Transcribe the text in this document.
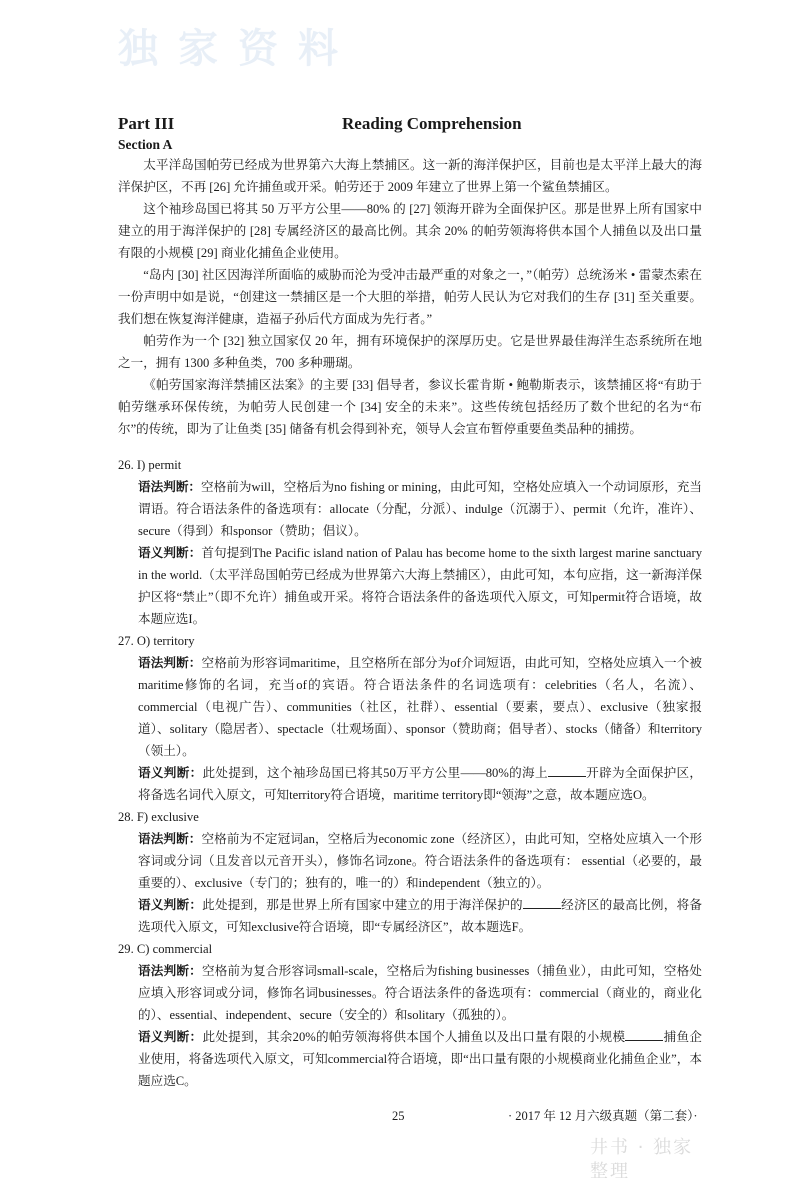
独家资料
Part III	Reading Comprehension
Section A

太平洋岛国帕劳已经成为世界第六大海上禁捕区。这一新的海洋保护区，目前也是太平洋上最大的海洋保护区，不再 [26] 允许捕鱼或开采。帕劳还于 2009 年建立了世界上第一个鲨鱼禁捕区。

这个袖珍岛国已将其 50 万平方公里——80% 的 [27] 领海开辟为全面保护区。那是世界上所有国家中建立的用于海洋保护的 [28] 专属经济区的最高比例。其余 20% 的帕劳领海将供本国个人捕鱼以及出口量有限的小规模 [29] 商业化捕鱼企业使用。

“岛内 [30] 社区因海洋所面临的威胁而沦为受冲击最严重的对象之一，”（帕劳）总统汤米 • 雷蒙杰索在一份声明中如是说，“创建这一禁捕区是一个大胆的举措，帕劳人民认为它对我们的生存 [31] 至关重要。我们想在恢复海洋健康，造福子孙后代方面成为先行者。”

帕劳作为一个 [32] 独立国家仅 20 年，拥有环境保护的深厚历史。它是世界最佳海洋生态系统所在地之一，拥有 1300 多种鱼类，700 多种珊瑚。

《帕劳国家海洋禁捕区法案》的主要 [33] 倡导者，参议长霍肯斯 • 鲍勒斯表示，该禁捕区将“有助于帕劳继承环保传统，为帕劳人民创建一个 [34] 安全的未来”。这些传统包括经历了数个世纪的名为“布尔”的传统，即为了让鱼类 [35] 储备有机会得到补充，领导人会宣布暂停重要鱼类品种的捕捞。

26. I) permit

语法判断：空格前为will，空格后为no fishing or mining，由此可知，空格处应填入一个动词原形，充当谓语。符合语法条件的备选项有：allocate（分配，分派）、indulge（沉溺于）、permit（允许，准许）、secure（得到）和sponsor（赞助；倡议）。

语义判断：首句提到The Pacific island nation of Palau has become home to the sixth largest marine sanctuary in the world.（太平洋岛国帕劳已经成为世界第六大海上禁捕区），由此可知，本句应指，这一新海洋保护区将“禁止”（即不允许）捕鱼或开采。将符合语法条件的备选项代入原文，可知permit符合语境，故本题应选I。

27. O) territory

语法判断：空格前为形容词maritime，且空格所在部分为of介词短语，由此可知，空格处应填入一个被maritime修饰的名词，充当of的宾语。符合语法条件的名词选项有：celebrities（名人，名流）、commercial（电视广告）、communities（社区，社群）、essential（要素，要点）、exclusive（独家报道）、solitary（隐居者）、spectacle（壮观场面）、sponsor（赞助商；倡导者）、stocks（储备）和territory（领土）。

语义判断：此处提到，这个袖珍岛国已将其50万平方公里——80%的海上	开辟为全面保护区，将备选名词代入原文，可知territory符合语境，maritime territory即“领海”之意，故本题应选O。

28. F) exclusive

语法判断：空格前为不定冠词an，空格后为economic zone（经济区），由此可知，空格处应填入一个形容词或分词（且发音以元音开头），修饰名词zone。符合语法条件的备选项有： essential（必要的，最重要的）、exclusive（专门的；独有的，唯一的）和independent（独立的）。

语义判断：此处提到，那是世界上所有国家中建立的用于海洋保护的	经济区的最高比例，将备选项代入原文，可知exclusive符合语境，即“专属经济区”，故本题选F。

29. C) commercial

语法判断：空格前为复合形容词small-scale，空格后为fishing businesses（捕鱼业），由此可知，空格处应填入形容词或分词，修饰名词businesses。符合语法条件的备选项有：commercial（商业的，商业化的）、essential、independent、secure（安全的）和solitary（孤独的）。

语义判断：此处提到，其余20%的帕劳领海将供本国个人捕鱼以及出口量有限的小规模	捕鱼企业使用，将备选项代入原文，可知commercial符合语境，即“出口量有限的小规模商业化捕鱼企业”，本题应选C。

25	· 2017 年 12 月六级真题（第二套）·
井书 · 独家整理
